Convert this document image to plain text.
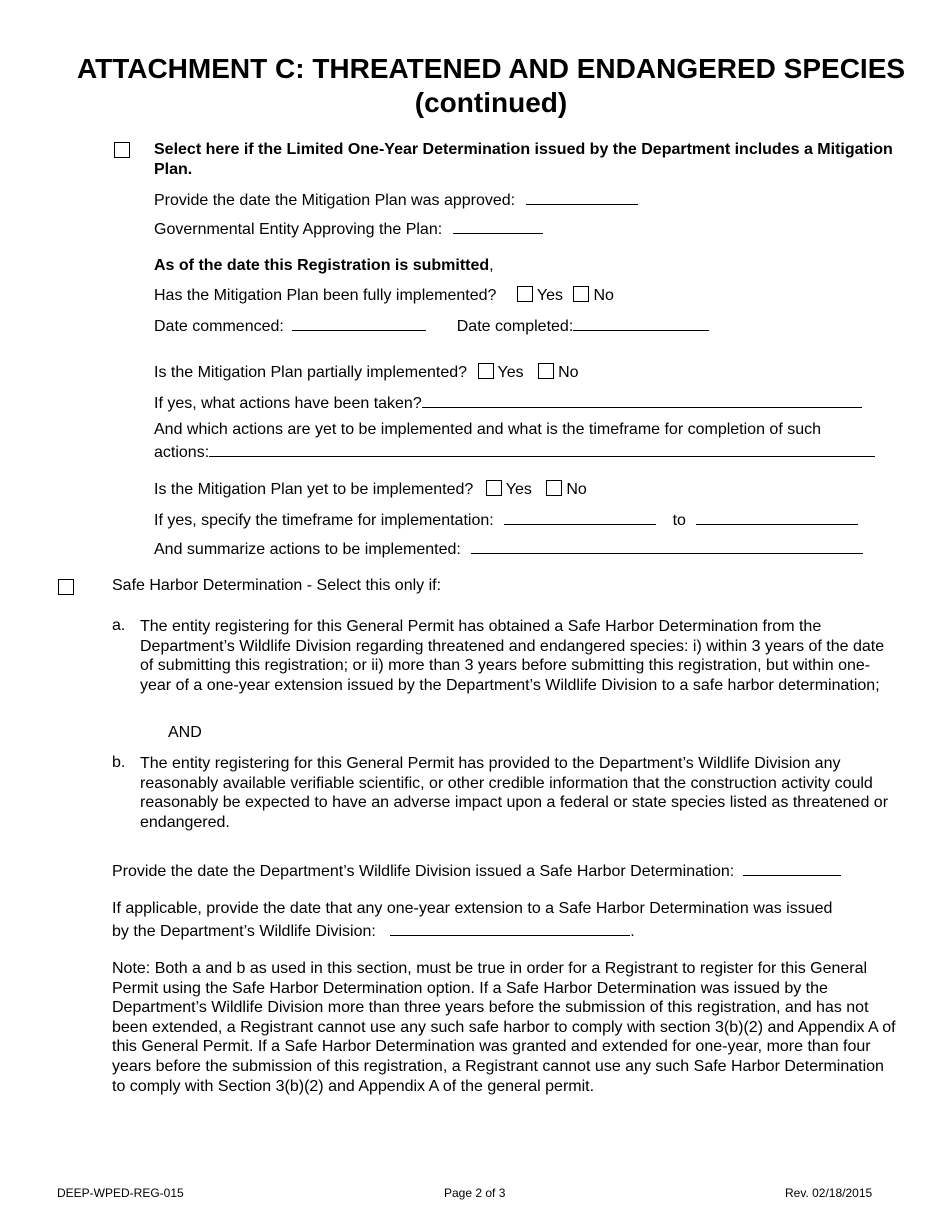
ATTACHMENT C: THREATENED AND ENDANGERED SPECIES
(continued)
Select here if the Limited One-Year Determination issued by the Department includes a Mitigation Plan.
Provide the date the Mitigation Plan was approved:
Governmental Entity Approving the Plan:
As of the date this Registration is submitted,
Has the Mitigation Plan been fully implemented?	Yes No
Date commenced:	Date completed:
Is the Mitigation Plan partially implemented? Yes No
If yes, what actions have been taken?
And which actions are yet to be implemented and what is the timeframe for completion of such
actions:
Is the Mitigation Plan yet to be implemented? Yes No
If yes, specify the timeframe for implementation:	to
And summarize actions to be implemented:
Safe Harbor Determination - Select this only if:
a. The entity registering for this General Permit has obtained a Safe Harbor Determination from the Department’s Wildlife Division regarding threatened and endangered species: i) within 3 years of the date of submitting this registration; or ii) more than 3 years before submitting this registration, but within one-year of a one-year extension issued by the Department’s Wildlife Division to a safe harbor determination;
AND
b. The entity registering for this General Permit has provided to the Department’s Wildlife Division any reasonably available verifiable scientific, or other credible information that the construction activity could reasonably be expected to have an adverse impact upon a federal or state species listed as threatened or endangered.
Provide the date the Department’s Wildlife Division issued a Safe Harbor Determination:
If applicable, provide the date that any one-year extension to a Safe Harbor Determination was issued
by the Department’s Wildlife Division:	.
Note: Both a and b as used in this section, must be true in order for a Registrant to register for this General Permit using the Safe Harbor Determination option. If a Safe Harbor Determination was issued by the Department’s Wildlife Division more than three years before the submission of this registration, and has not been extended, a Registrant cannot use any such safe harbor to comply with section 3(b)(2) and Appendix A of this General Permit. If a Safe Harbor Determination was granted and extended for one-year, more than four years before the submission of this registration, a Registrant cannot use any such Safe Harbor Determination to comply with Section 3(b)(2) and Appendix A of the general permit.
DEEP-WPED-REG-015	Page 2 of 3	Rev. 02/18/2015
